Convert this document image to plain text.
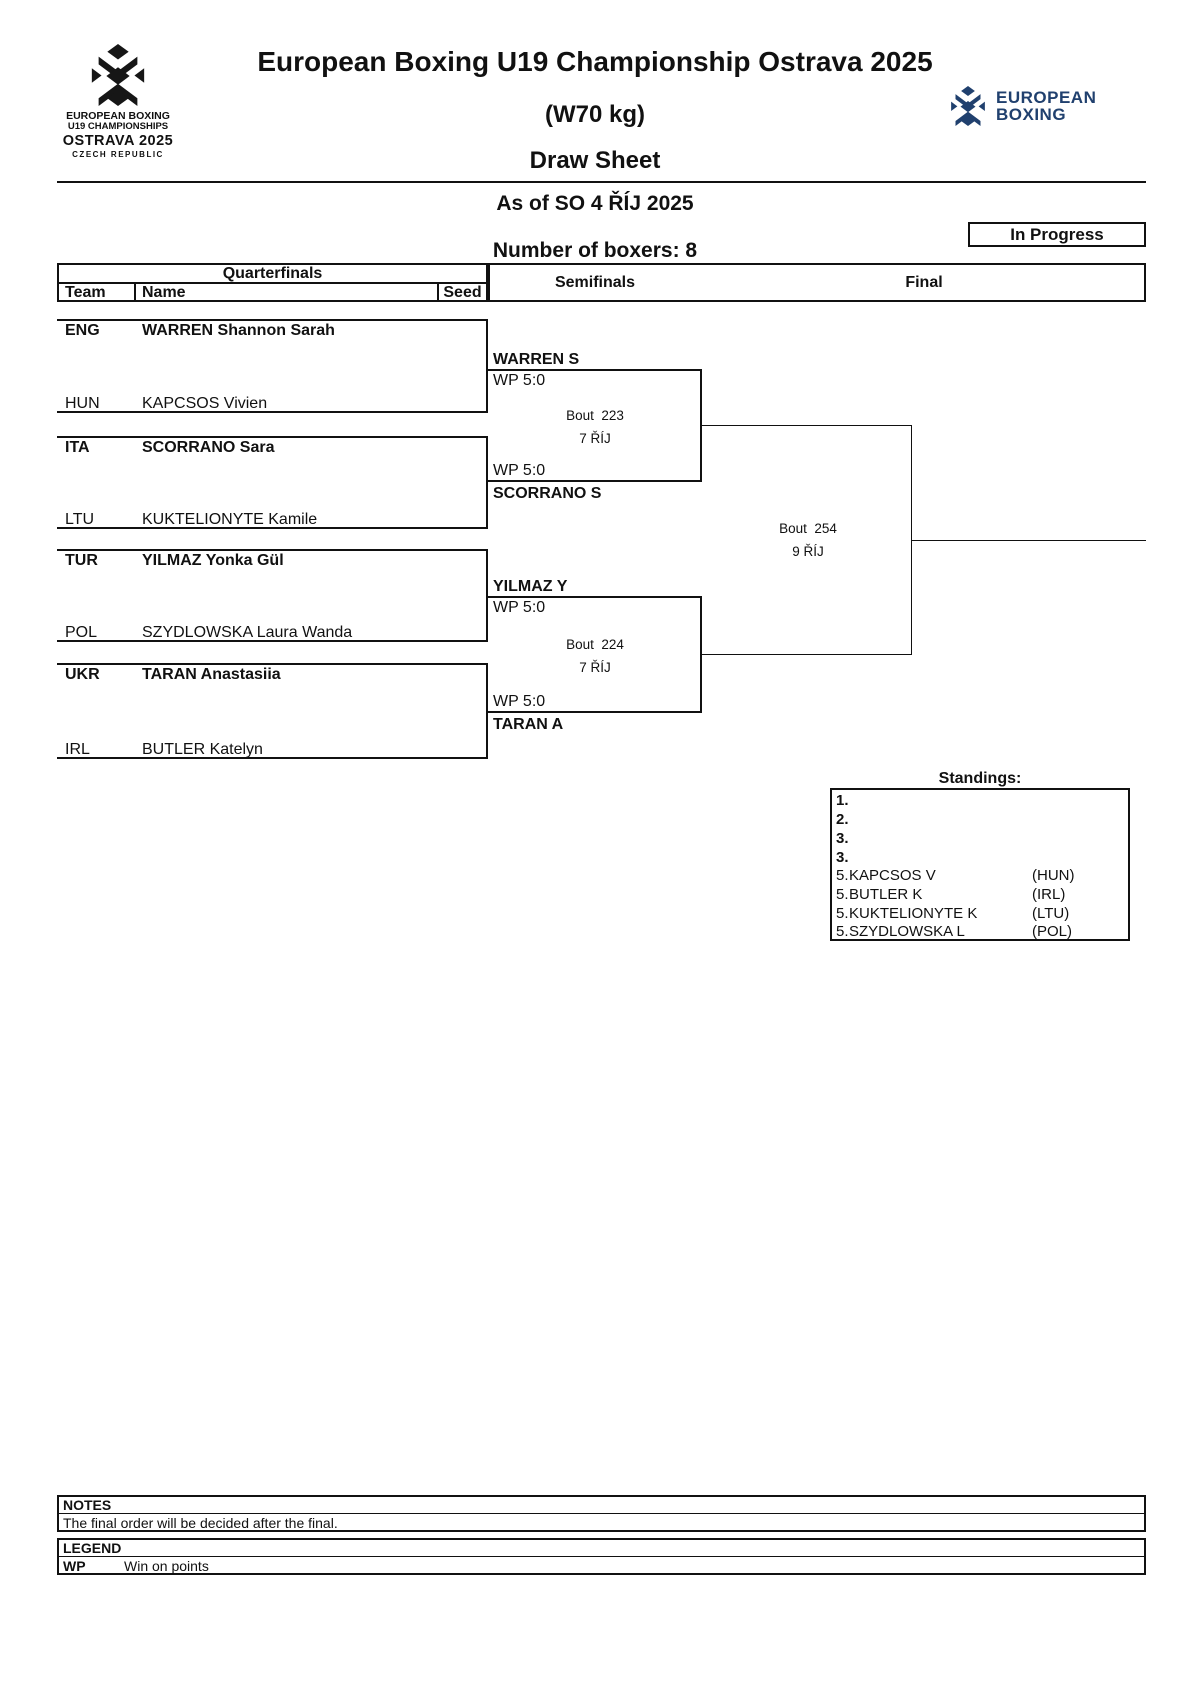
EUROPEAN BOXING
U19 CHAMPIONSHIPS
OSTRAVA 2025
CZECH REPUBLIC
EUROPEAN
BOXING
European Boxing U19 Championship Ostrava 2025
(W70 kg)
Draw Sheet
As of SO 4 ŘÍJ 2025
In Progress
Number of boxers: 8
Quarterfinals
Team Name	Seed
Semifinals	Final
ENG	WARREN Shannon Sarah
HUN	KAPCSOS Vivien
ITA	SCORRANO Sara
LTU	KUKTELIONYTE Kamile
TUR	YILMAZ Yonka Gül
POL	SZYDLOWSKA Laura Wanda
UKR	TARAN Anastasiia
IRL	BUTLER Katelyn
WARREN S
WP 5:0
Bout  223
7 ŘÍJ
WP 5:0
SCORRANO S
YILMAZ Y
WP 5:0
Bout  224
7 ŘÍJ
WP 5:0
TARAN A
Bout  254
9 ŘÍJ
Standings:
1.
2.
3.
3.
5. KAPCSOS V	(HUN)
5. BUTLER K	(IRL)
5. KUKTELIONYTE K	(LTU)
5. SZYDLOWSKA L	(POL)
NOTES
The final order will be decided after the final.
LEGEND
WP	Win on points
